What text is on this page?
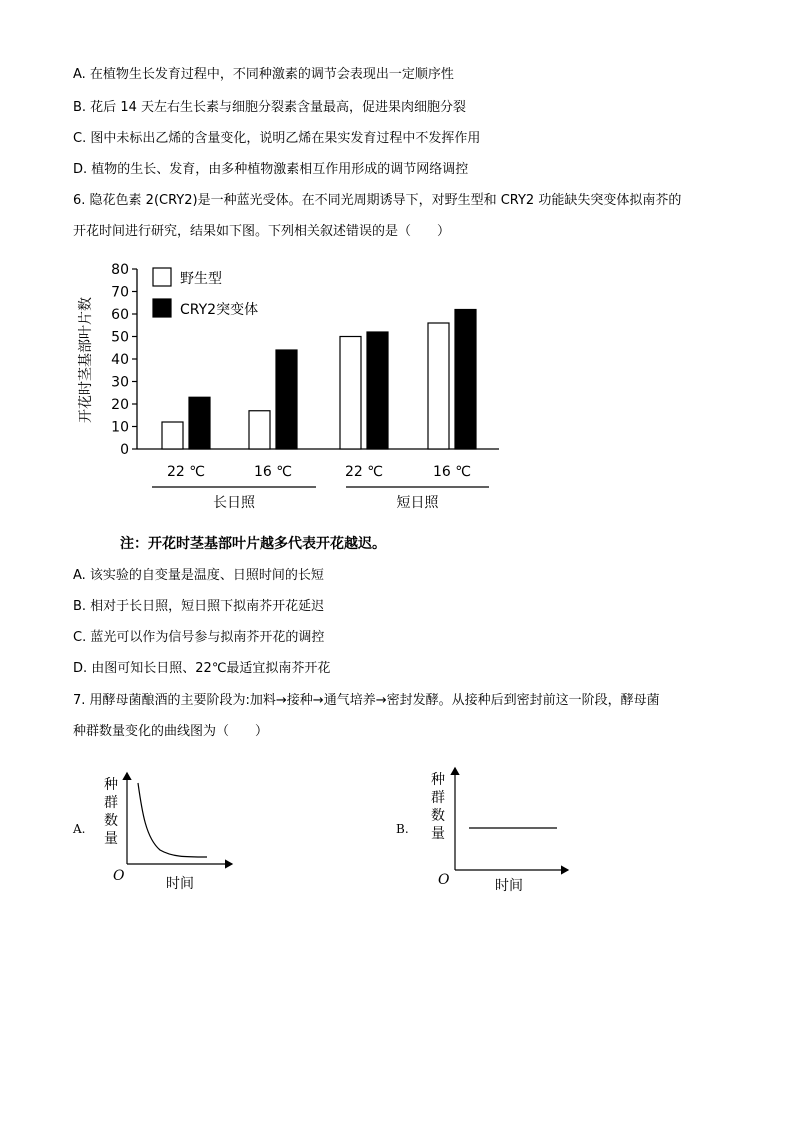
A. 在植物生长发育过程中，不同种激素的调节会表现出一定顺序性
B. 花后 14 天左右生长素与细胞分裂素含量最高，促进果肉细胞分裂
C. 图中未标出乙烯的含量变化，说明乙烯在果实发育过程中不发挥作用
D. 植物的生长、发育，由多种植物激素相互作用形成的调节网络调控
6. 隐花色素 2(CRY2)是一种蓝光受体。在不同光周期诱导下，对野生型和 CRY2 功能缺失突变体拟南芥的
开花时间进行研究，结果如下图。下列相关叙述错误的是（　　）
0
10
20
30
40
50
60
70
80
开花时茎基部叶片数
22 ℃	16 ℃	22 ℃	16 ℃
长日照	短日照
野生型
CRY2突变体
注：开花时茎基部叶片越多代表开花越迟。
A. 该实验的自变量是温度、日照时间的长短
B. 相对于长日照，短日照下拟南芥开花延迟
C. 蓝光可以作为信号参与拟南芥开花的调控
D. 由图可知长日照、22℃最适宜拟南芥开花
7. 用酵母菌酿酒的主要阶段为:加料→接种→通气培养→密封发酵。从接种后到密封前这一阶段，酵母菌
种群数量变化的曲线图为（　　）
A.
种
群
数
量
O	时间
B.
种
群
数
量
O	时间
